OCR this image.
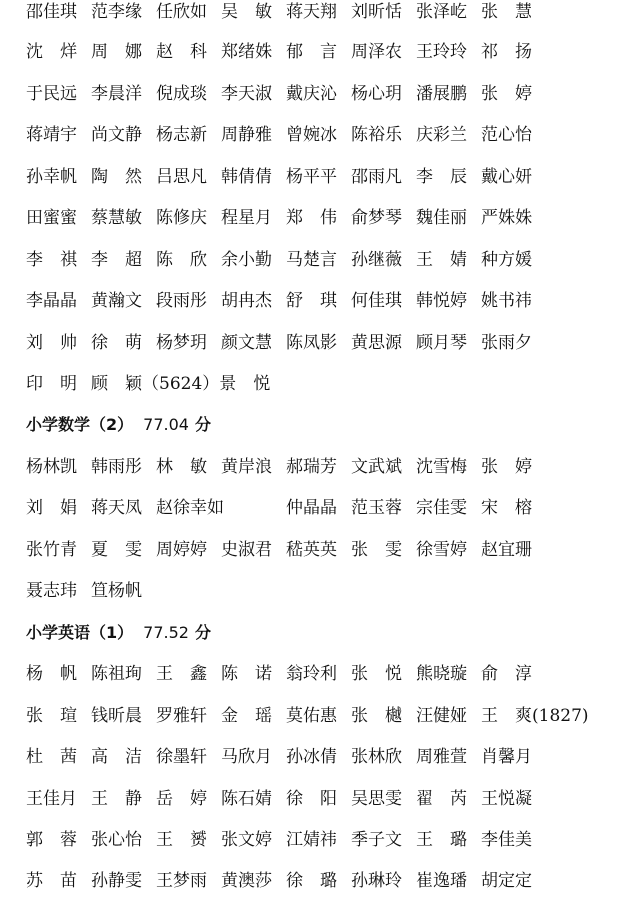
邵佳琪 范李缘 任欣如 吴　敏 蒋天翔 刘昕恬 张泽屹 张　慧
沈　烊 周　娜 赵　科 郑绪姝 郁　言 周泽农 王玲玲 祁　扬
于民远 李晨洋 倪成琰 李天淑 戴庆沁 杨心玥 潘展鹏 张　婷
蒋靖宇 尚文静 杨志新 周静雅 曾婉冰 陈裕乐 庆彩兰 范心怡
孙幸帆 陶　然 吕思凡 韩倩倩 杨平平 邵雨凡 李　辰 戴心妍
田蜜蜜 蔡慧敏 陈修庆 程星月 郑　伟 俞梦琴 魏佳丽 严姝姝
李　祺 李　超 陈　欣 余小勤 马楚言 孙继薇 王　婧 种方媛
李晶晶 黄瀚文 段雨彤 胡冉杰 舒　琪 何佳琪 韩悦婷 姚书祎
刘　帅 徐　萌 杨梦玥 颜文慧 陈凤影 黄思源 顾月琴 张雨夕
印　明 顾　颖（5624）景　悦
小学数学（2） 77.04 分
杨林凯 韩雨彤 林　敏 黄岸浪 郝瑞芳 文武斌 沈雪梅 张　婷
刘　娟 蒋天凤 赵徐幸如	仲晶晶 范玉蓉 宗佳雯 宋　榕
张竹青 夏　雯 周婷婷 史淑君 嵇英英 张　雯 徐雪婷 赵宜珊
聂志玮 笪杨帆
小学英语（1） 77.52 分
杨　帆 陈祖珣 王　鑫 陈　诺 翁玲利 张　悦 熊晓璇 俞　淳
张　瑄 钱昕晨 罗雅轩 金　瑶 莫佑惠 张　樾 汪健娅 王　爽(1827)
杜　茜 高　洁 徐墨轩 马欣月 孙冰倩 张林欣 周雅萱 肖馨月
王佳月 王　静 岳　婷 陈石婧 徐　阳 吴思雯 翟　芮 王悦凝
郭　蓉 张心怡 王　赟 张文婷 江婧祎 季子文 王　璐 李佳美
苏　苗 孙静雯 王梦雨 黄澳莎 徐　璐 孙琳玲 崔逸璠 胡定定
